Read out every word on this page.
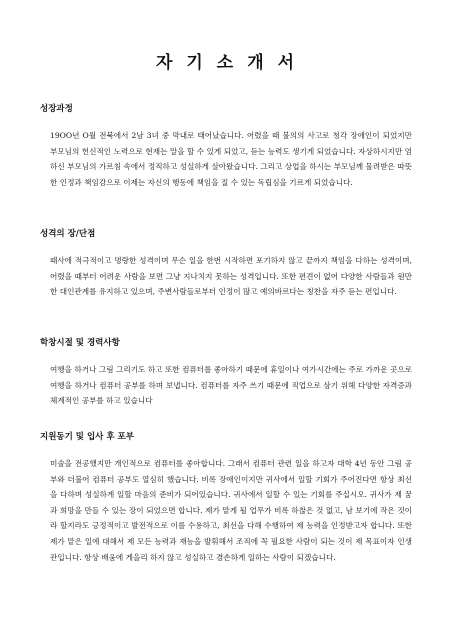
자기소개서

성장과정

19OO년 O월 전북에서 2남 3녀 중 막내로 태어났습니다. 어렸을 때 불의의 사고로 청각 장애인이 되었지만 부모님의 헌신적인 노력으로 현재는 말을 할 수 있게 되었고, 듣는 능력도 생기게 되었습니다. 자상하시지만 엄하신 부모님의 가르침 속에서 정직하고 성실하게 살아왔습니다. 그리고 상업을 하시는 부모님께 물려받은 따뜻한 인정과 책임감으로 이제는 자신의 행동에 책임을 질 수 있는 독립심을 기르게 되었습니다.

성격의 장/단점

때사에 적극적이고 명랑한 성격이며 무슨 일을 한번 시작하면 포기하지 않고 끝까지 책임을 다하는 성격이며, 어렸을 때부터 어려운 사람을 보면 그냥 지나치지 못하는 성격입니다. 또한 편견이 없어 다양한 사람들과 원만한 대인관계를 유지하고 있으며, 주변사람들로부터 인정이 많고 예의바르다는 칭찬을 자주 듣는 편입니다.

학창시절 및 경력사항

여행을 하거나 그림 그리기도 하고 또한 컴퓨터를 좋아하기 때문에 휴일이나 여가시간에는 주로 가까운 곳으로 여행을 하거나 컴퓨터 공부를 하며 보냅니다. 컴퓨터를 자주 쓰기 때문에 직업으로 삼기 위해 다양한 자격증과 체계적인 공부를 하고 있습니다

지원동기 및 입사 후 포부

미술을 전공했지만 개인적으로 컴퓨터를 좋아합니다. 그래서 컴퓨터 관련 일을 하고자 대학 4년 동안 그림 공부와 더불어 컴퓨터 공부도 열심히 했습니다. 비록 장애인이지만 귀사에서 일할 기회가 주어진다면 항상 최선을 다하며 성실하게 일할 마음의 준비가 되어있습니다. 귀사에서 일할 수 있는 기회를 주십시오. 귀사가 제 꿈과 희망을 만들 수 있는 장이 되었으면 합니다. 제가 맡게 될 업무가 비록 하찮은 것 없고, 남 보기에 작은 것이라 할지라도 긍정적이고 발전적으로 이를 수용하고, 최선을 다해 수행하여 제 능력을 인정받고자 합니다. 또한 제가 맡은 일에 대해서 제 모든 능력과 재능을 발휘해서 조직에 꼭 필요한 사람이 되는 것이 제 목표이자 인생관입니다. 항상 배움에 게을리 하지 않고 성실하고 겸손하게 일하는 사람이 되겠습니다.
